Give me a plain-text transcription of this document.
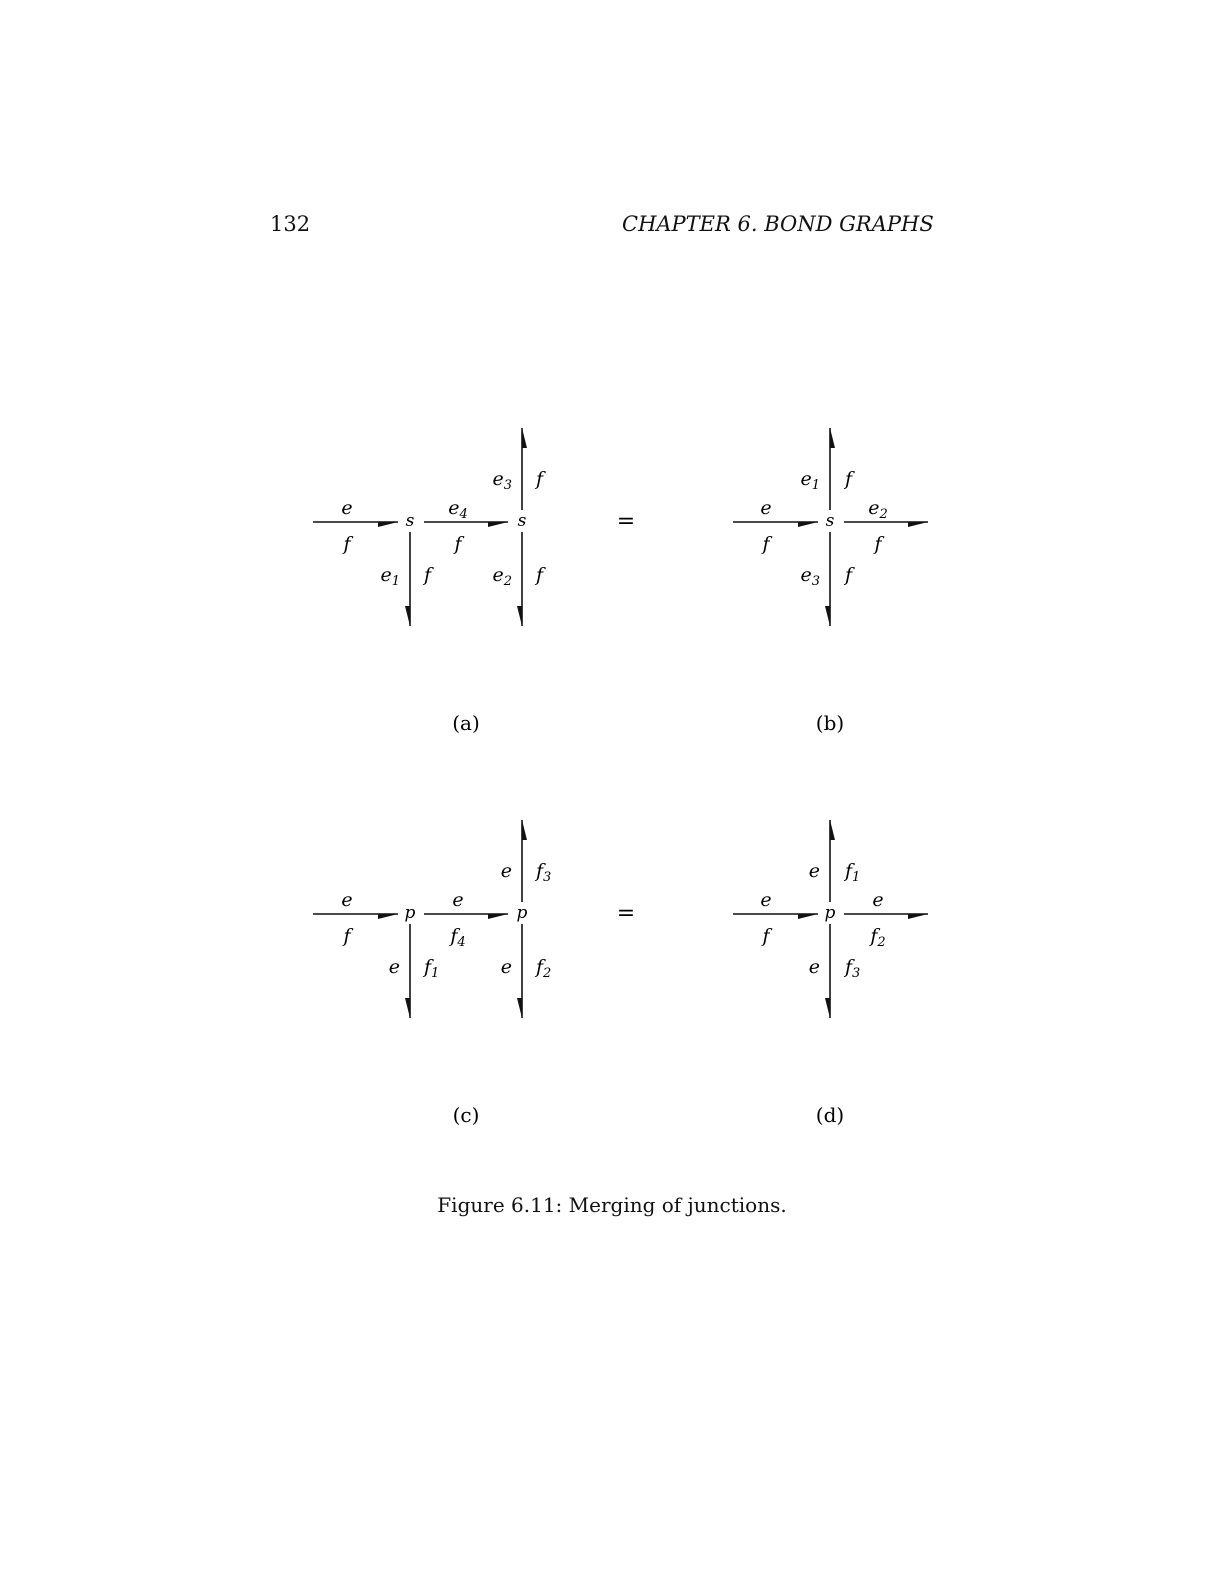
132	CHAPTER 6. BOND GRAPHS
s	s
e
f
$e_4$
f
$e_3$ f
$e_1$ f	$e_2$ f
(a)
s
e
f
$e_2$
f
$e_1$ f
$e_3$ f
(b)
=
p	p
e
f
e
$f_4$
e $f_3$
e $f_1$	e $f_2$
(c)
p
e
f
e
$f_2$
e $f_1$
e $f_3$
(d)
=
Figure 6.11: Merging of junctions.
